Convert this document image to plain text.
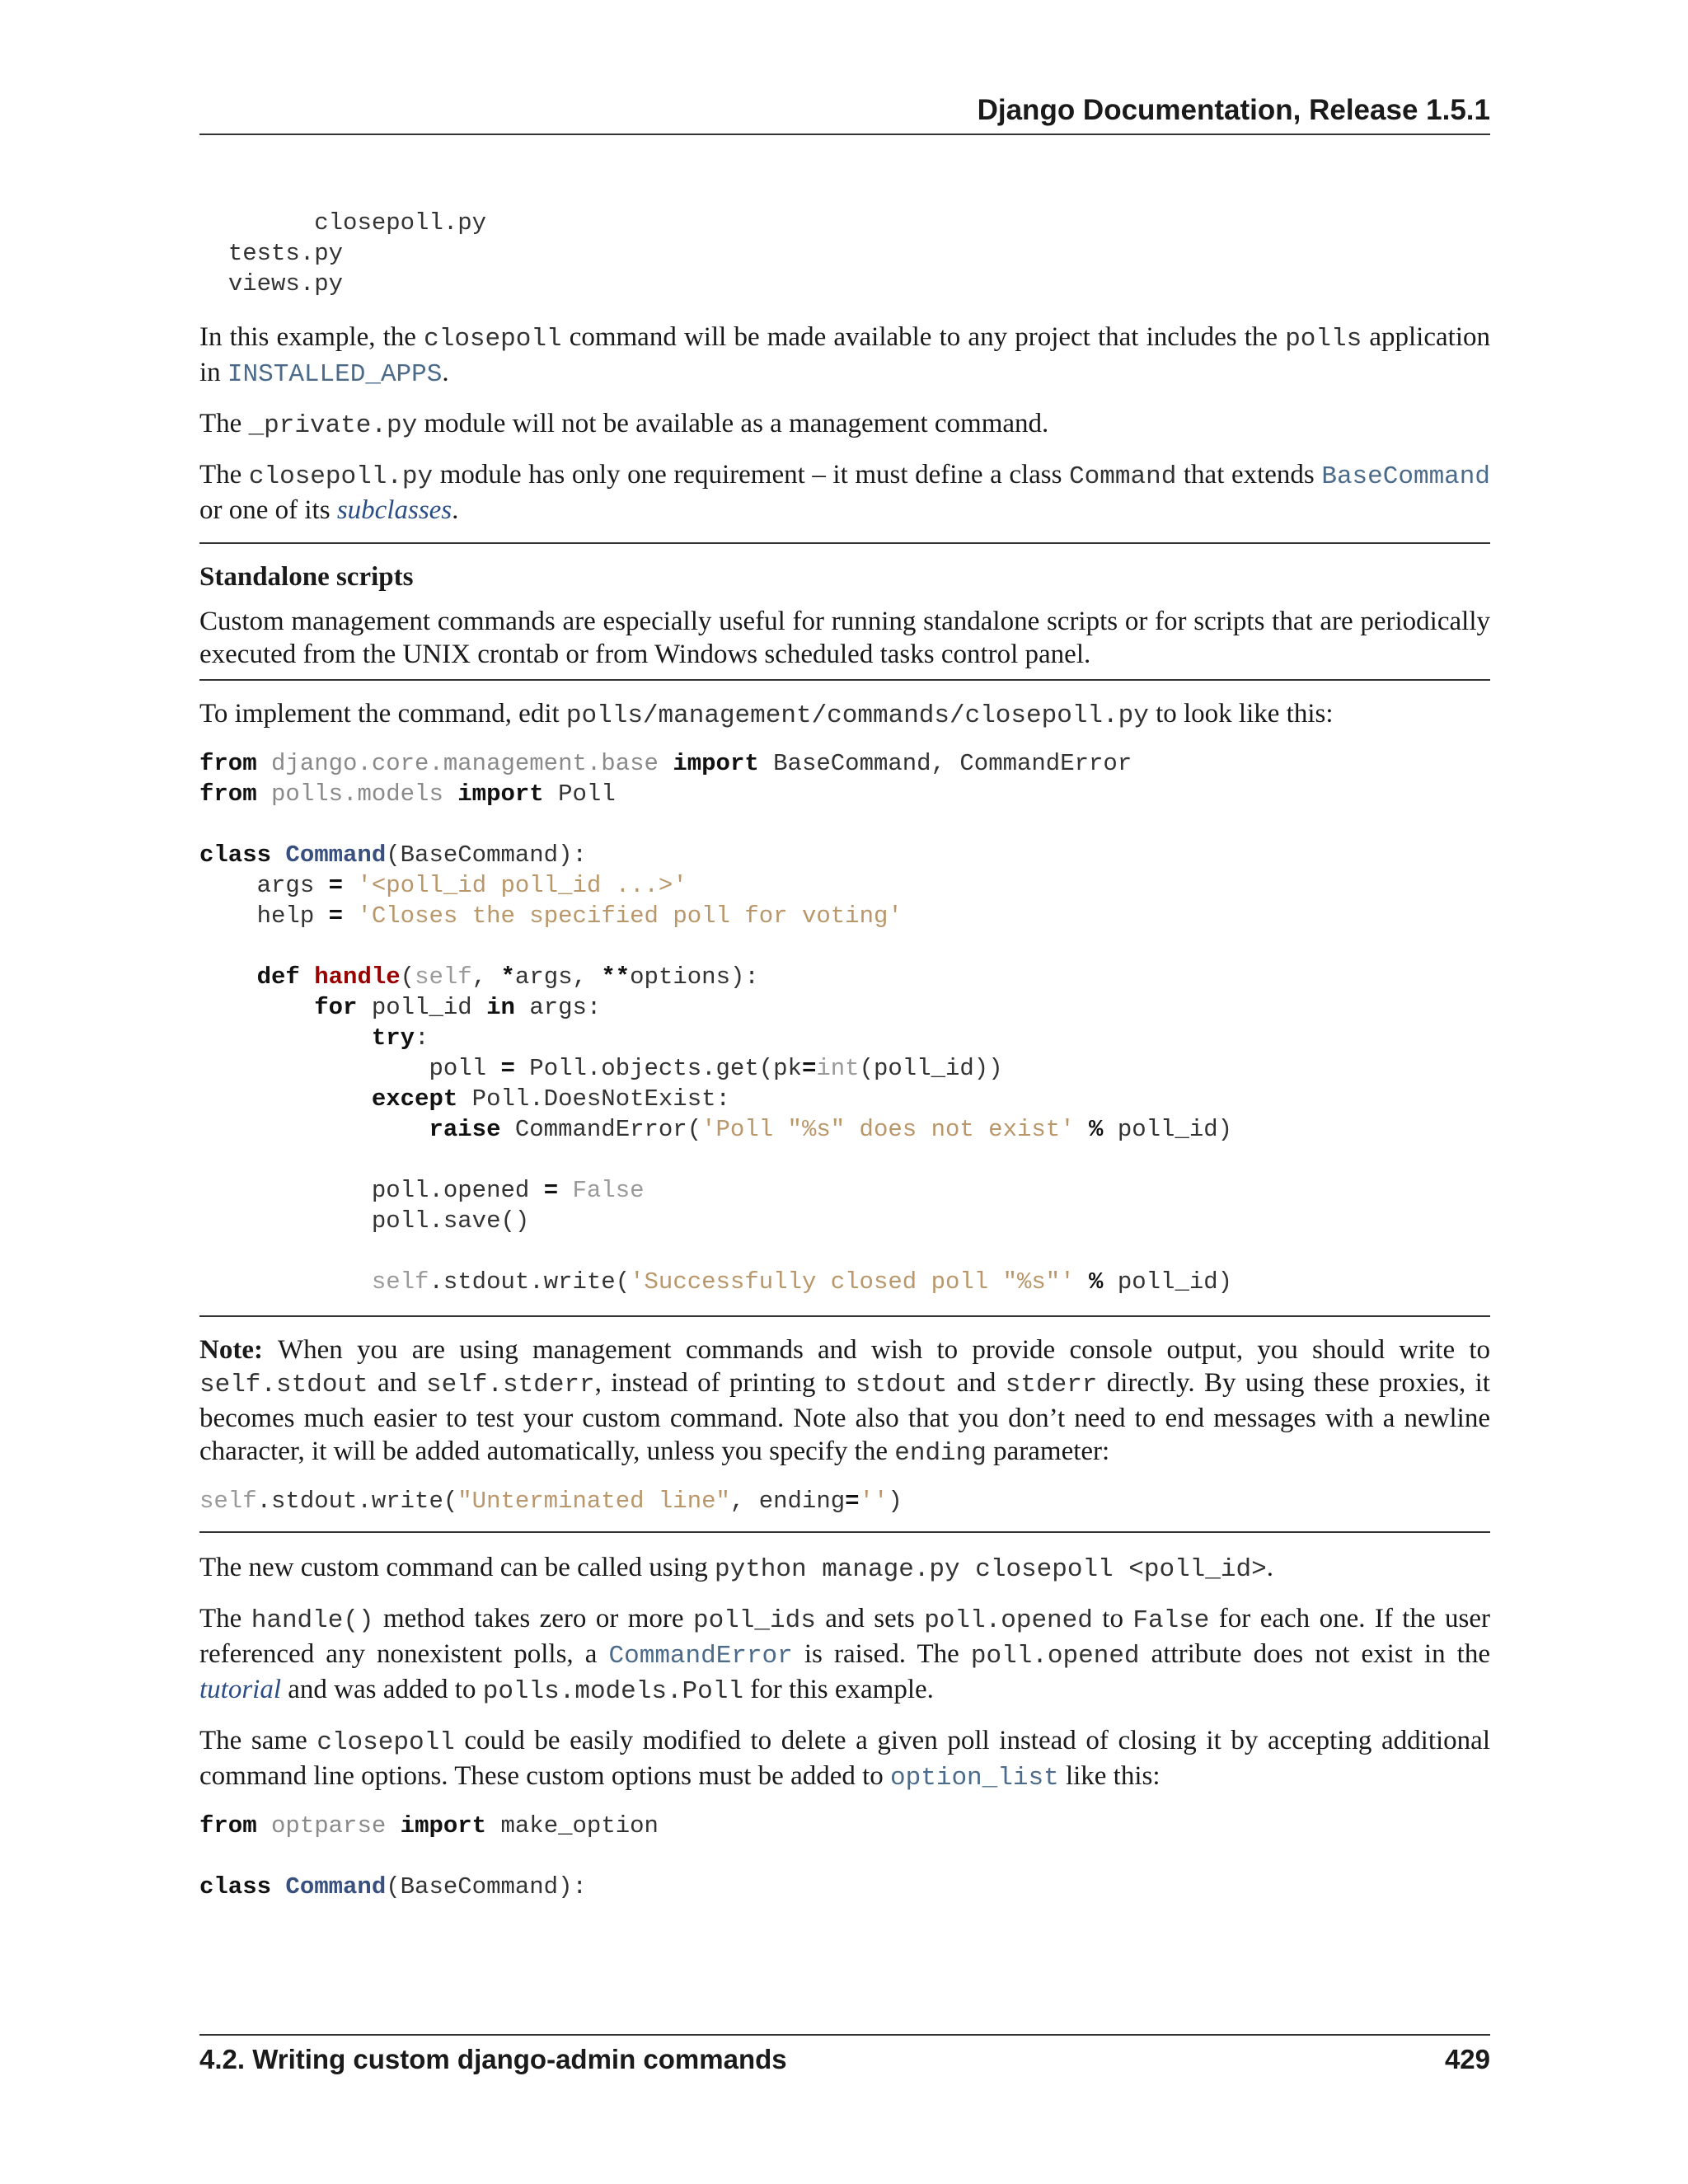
Django Documentation, Release 1.5.1
closepoll.py
tests.py
views.py

In this example, the closepoll command will be made available to any project that includes the polls application in INSTALLED_APPS.

The _private.py module will not be available as a management command.

The closepoll.py module has only one requirement – it must define a class Command that extends BaseCommand or one of its subclasses.

Standalone scripts

Custom management commands are especially useful for running standalone scripts or for scripts that are periodically executed from the UNIX crontab or from Windows scheduled tasks control panel.

To implement the command, edit polls/management/commands/closepoll.py to look like this:

from django.core.management.base import BaseCommand, CommandError
from polls.models import Poll

class Command(BaseCommand):
args = '<poll_id poll_id ...>'
help = 'Closes the specified poll for voting'

def handle(self, *args, **options):
for poll_id in args:
try:
poll = Poll.objects.get(pk=int(poll_id))
except Poll.DoesNotExist:
raise CommandError('Poll "%s" does not exist' % poll_id)

poll.opened = False
poll.save()

self.stdout.write('Successfully closed poll "%s"' % poll_id)

Note: When you are using management commands and wish to provide console output, you should write to self.stdout and self.stderr, instead of printing to stdout and stderr directly. By using these proxies, it becomes much easier to test your custom command. Note also that you don’t need to end messages with a newline character, it will be added automatically, unless you specify the ending parameter:

self.stdout.write("Unterminated line", ending='')

The new custom command can be called using python manage.py closepoll <poll_id>.

The handle() method takes zero or more poll_ids and sets poll.opened to False for each one. If the user referenced any nonexistent polls, a CommandError is raised. The poll.opened attribute does not exist in the tutorial and was added to polls.models.Poll for this example.

The same closepoll could be easily modified to delete a given poll instead of closing it by accepting additional command line options. These custom options must be added to option_list like this:

from optparse import make_option

class Command(BaseCommand):
4.2. Writing custom django-admin commands	429
